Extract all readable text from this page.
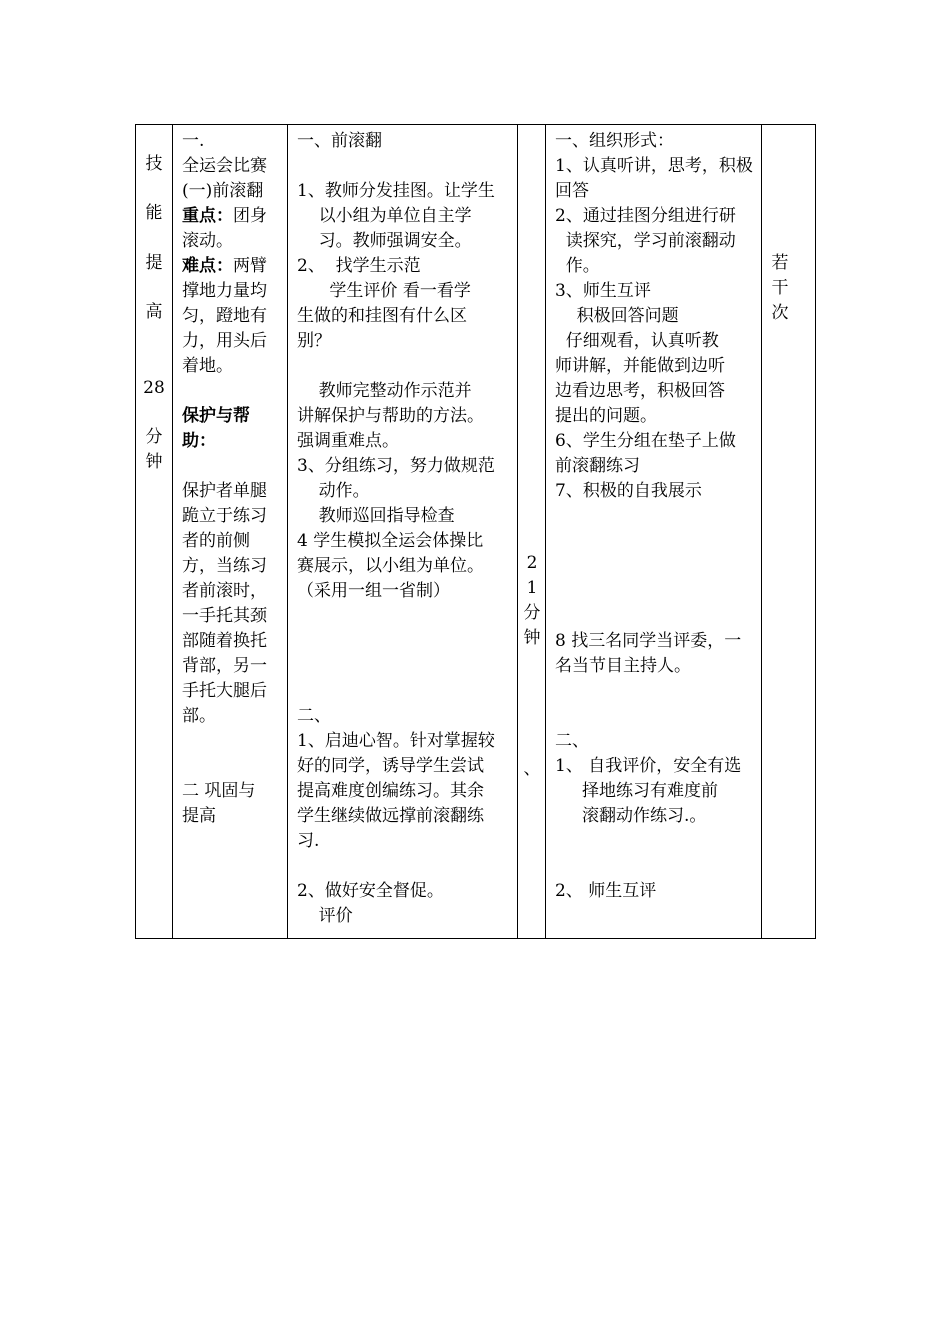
技
能
提
高
28
分
钟
一.
全运会比赛
(一)前滚翻
重点：团身
滚动。
难点：两臂
撑地力量均
匀，蹬地有
力，用头后
着地。

保护与帮
助：

保护者单腿
跪立于练习
者的前侧
方，当练习
者前滚时，
一手托其颈
部随着换托
背部，另一
手托大腿后
部。

二 巩固与
提高
一、前滚翻

1、教师分发挂图。让学生
以小组为单位自主学
习。教师强调安全。
2、  找学生示范
学生评价 看一看学
生做的和挂图有什么区
别？

教师完整动作示范并
讲解保护与帮助的方法。
强调重难点。
3、分组练习，努力做规范
动作。
教师巡回指导检查
4 学生模拟全运会体操比
赛展示，以小组为单位。
（采用一组一省制）

二、
1、启迪心智。针对掌握较
好的同学，诱导学生尝试
提高难度创编练习。其余
学生继续做远撑前滚翻练
习.

2、做好安全督促。
评价
2
1
分
钟
、
一、组织形式：
1、认真听讲，思考，积极
回答
2、通过挂图分组进行研
读探究，学习前滚翻动
作。
3、师生互评
积极回答问题
仔细观看，认真听教
师讲解，并能做到边听
边看边思考，积极回答
提出的问题。
6、学生分组在垫子上做
前滚翻练习
7、积极的自我展示

8 找三名同学当评委，一
名当节目主持人。

二、
1、 自我评价，安全有选
择地练习有难度前
滚翻动作练习.。

2、 师生互评
若
干
次
